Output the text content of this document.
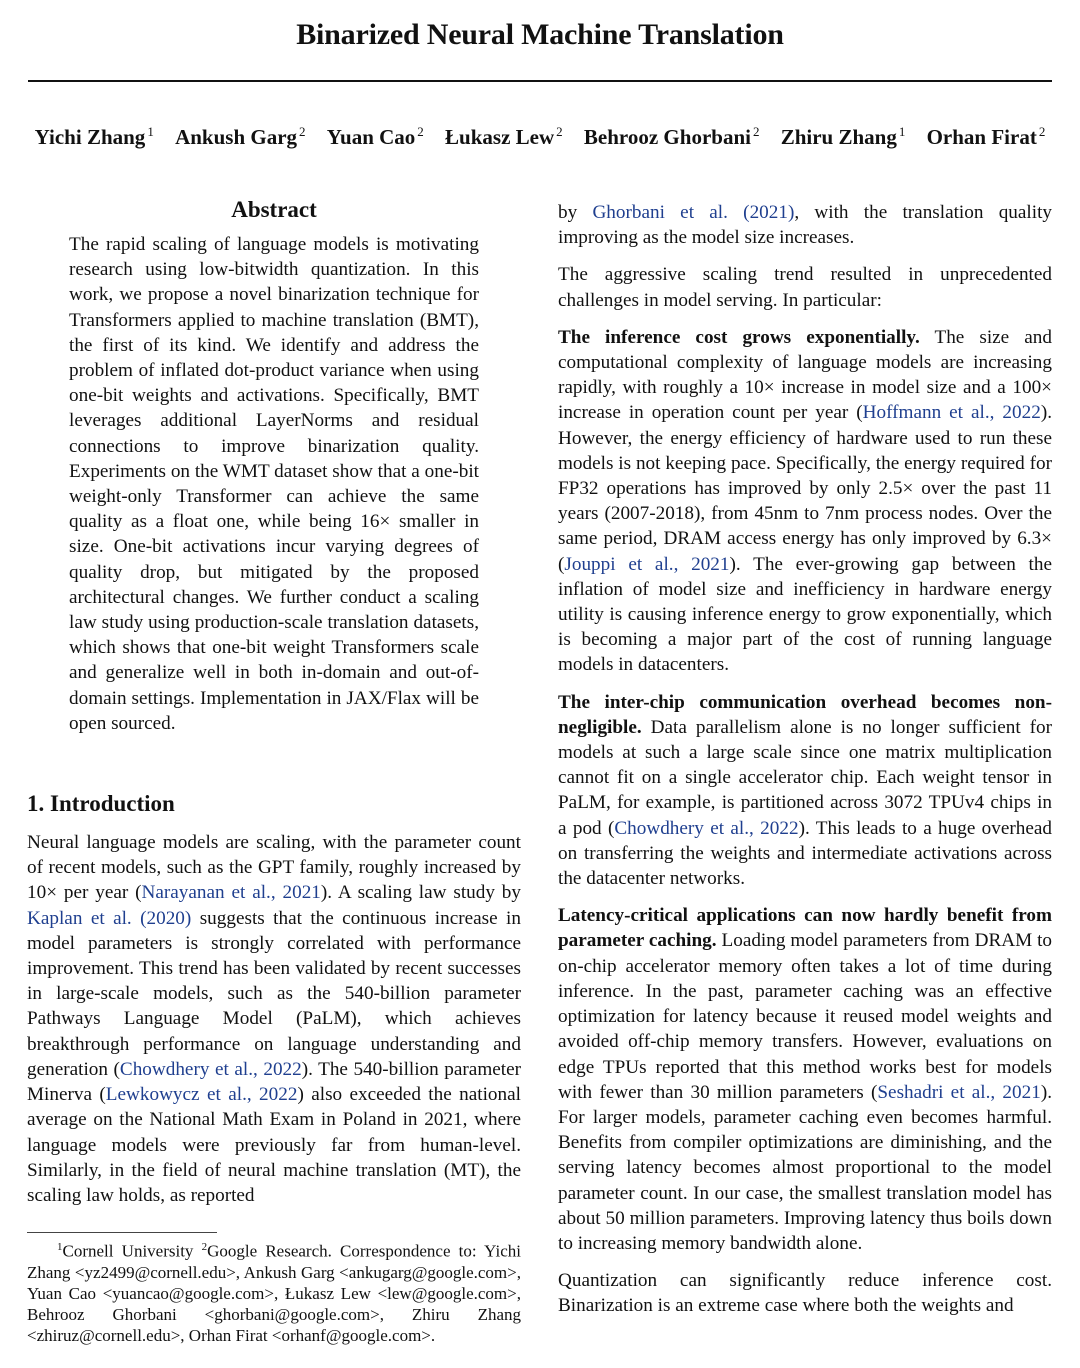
Binarized Neural Machine Translation
Yichi Zhang $^1$ Ankush Garg $^2$ Yuan Cao $^2$ Łukasz Lew $^2$ Behrooz Ghorbani $^2$ Zhiru Zhang $^1$ Orhan Firat $^2$
Abstract

The rapid scaling of language models is motivating research using low-bitwidth quantization. In this work, we propose a novel binarization technique for Transformers applied to machine translation (BMT), the first of its kind. We identify and address the problem of inflated dot-product variance when using one-bit weights and activations. Specifically, BMT leverages additional LayerNorms and residual connections to improve binarization quality. Experiments on the WMT dataset show that a one-bit weight-only Transformer can achieve the same quality as a float one, while being 16× smaller in size. One-bit activations incur varying degrees of quality drop, but mitigated by the proposed architectural changes. We further conduct a scaling law study using production-scale translation datasets, which shows that one-bit weight Transformers scale and generalize well in both in-domain and out-of-domain settings. Implementation in JAX/Flax will be open sourced.

1. Introduction

Neural language models are scaling, with the parameter count of recent models, such as the GPT family, roughly increased by 10× per year (Narayanan et al., 2021). A scaling law study by Kaplan et al. (2020) suggests that the continuous increase in model parameters is strongly correlated with performance improvement. This trend has been validated by recent successes in large-scale models, such as the 540-billion parameter Pathways Language Model (PaLM), which achieves breakthrough performance on language understanding and generation (Chowdhery et al., 2022). The 540-billion parameter Minerva (Lewkowycz et al., 2022) also exceeded the national average on the National Math Exam in Poland in 2021, where language models were previously far from human-level. Similarly, in the field of neural machine translation (MT), the scaling law holds, as reported

$^1$Cornell University $^2$Google Research. Correspondence to: Yichi Zhang <yz2499@cornell.edu>, Ankush Garg <ankugarg@google.com>, Yuan Cao <yuancao@google.com>, Łukasz Lew <lew@google.com>, Behrooz Ghorbani <ghorbani@google.com>, Zhiru Zhang <zhiruz@cornell.edu>, Orhan Firat <orhanf@google.com>.

by Ghorbani et al. (2021), with the translation quality improving as the model size increases.

The aggressive scaling trend resulted in unprecedented challenges in model serving. In particular:

The inference cost grows exponentially. The size and computational complexity of language models are increasing rapidly, with roughly a 10× increase in model size and a 100× increase in operation count per year (Hoffmann et al., 2022). However, the energy efficiency of hardware used to run these models is not keeping pace. Specifically, the energy required for FP32 operations has improved by only 2.5× over the past 11 years (2007-2018), from 45nm to 7nm process nodes. Over the same period, DRAM access energy has only improved by 6.3× (Jouppi et al., 2021). The ever-growing gap between the inflation of model size and inefficiency in hardware energy utility is causing inference energy to grow exponentially, which is becoming a major part of the cost of running language models in datacenters.

The inter-chip communication overhead becomes non-negligible. Data parallelism alone is no longer sufficient for models at such a large scale since one matrix multiplication cannot fit on a single accelerator chip. Each weight tensor in PaLM, for example, is partitioned across 3072 TPUv4 chips in a pod (Chowdhery et al., 2022). This leads to a huge overhead on transferring the weights and intermediate activations across the datacenter networks.

Latency-critical applications can now hardly benefit from parameter caching. Loading model parameters from DRAM to on-chip accelerator memory often takes a lot of time during inference. In the past, parameter caching was an effective optimization for latency because it reused model weights and avoided off-chip memory transfers. However, evaluations on edge TPUs reported that this method works best for models with fewer than 30 million parameters (Seshadri et al., 2021). For larger models, parameter caching even becomes harmful. Benefits from compiler optimizations are diminishing, and the serving latency becomes almost proportional to the model parameter count. In our case, the smallest translation model has about 50 million parameters. Improving latency thus boils down to increasing memory bandwidth alone.

Quantization can significantly reduce inference cost. Binarization is an extreme case where both the weights and
